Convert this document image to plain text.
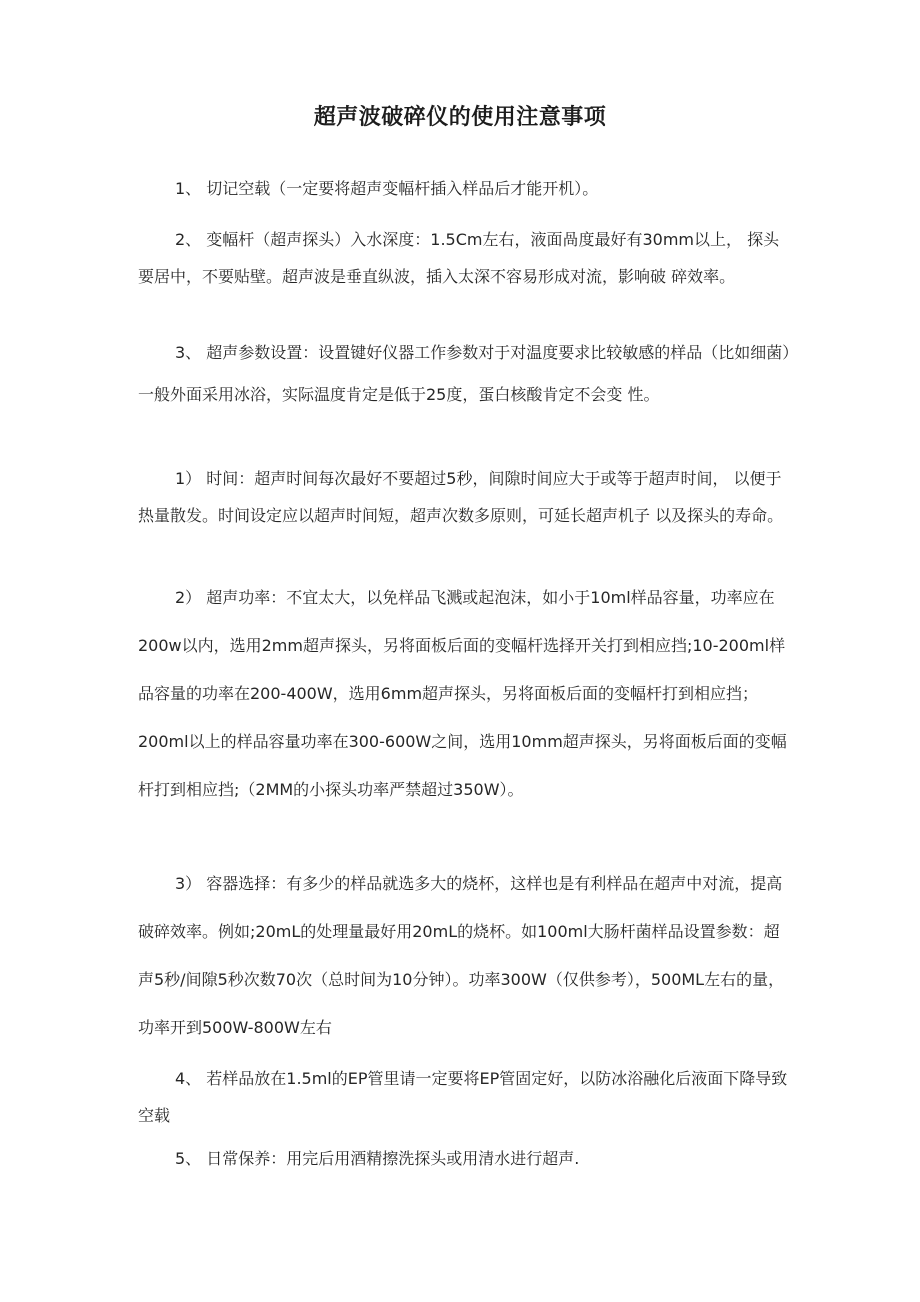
超声波破碎仪的使用注意事项
1、 切记空载（一定要将超声变幅杆插入样品后才能开机）。
2、 变幅杆（超声探头）入水深度：1.5Cm左右，液面咼度最好有30mm以上， 探头要居中，不要贴壁。超声波是垂直纵波，插入太深不容易形成对流，影响破 碎效率。
3、 超声参数设置：设置键好仪器工作参数对于对温度要求比较敏感的样品（比如细菌）一般外面采用冰浴，实际温度肯定是低于25度，蛋白核酸肯定不会变 性。
1） 时间：超声时间每次最好不要超过5秒，间隙时间应大于或等于超声时间， 以便于热量散发。时间设定应以超声时间短，超声次数多原则，可延长超声机子 以及探头的寿命。
2） 超声功率：不宜太大，以免样品飞溅或起泡沫，如小于10ml样品容量，功率应在200w以内，选用2mm超声探头，另将面板后面的变幅杆选择开关打到相应挡;10-200ml样品容量的功率在200-400W，选用6mm超声探头，另将面板后面的变幅杆打到相应挡；200ml以上的样品容量功率在300-600W之间，选用10mm超声探头，另将面板后面的变幅杆打到相应挡;（2MM的小探头功率严禁超过350W）。
3） 容器选择：有多少的样品就选多大的烧杯，这样也是有利样品在超声中对流，提高破碎效率。例如;20mL的处理量最好用20mL的烧杯。如100ml大肠杆菌样品设置参数：超声5秒/间隙5秒次数70次（总时间为10分钟）。功率300W（仅供参考），500ML左右的量，功率开到500W-800W左右
4、 若样品放在1.5ml的EP管里请一定要将EP管固定好，以防冰浴融化后液面下降导致空载
5、 日常保养：用完后用酒精擦洗探头或用清水进行超声.
